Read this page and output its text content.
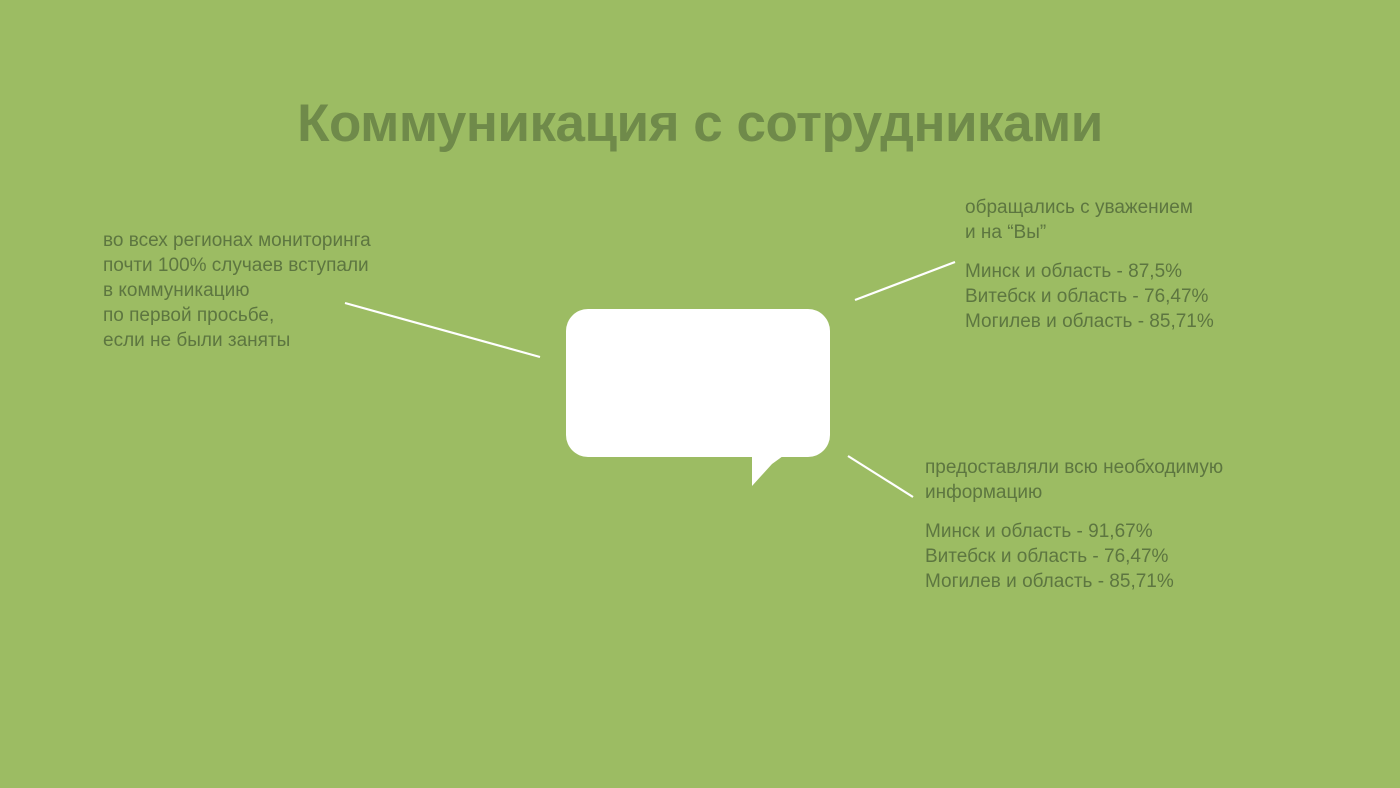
Коммуникация с сотрудниками
во всех регионах мониторинга
почти 100% случаев вступали
в коммуникацию
по первой просьбе,
если не были заняты
обращались с уважением
и на “Вы”
Минск и область - 87,5%
Витебск и область - 76,47%
Могилев и область - 85,71%
предоставляли всю необходимую
информацию
Минск и область - 91,67%
Витебск и область - 76,47%
Могилев и область - 85,71%
